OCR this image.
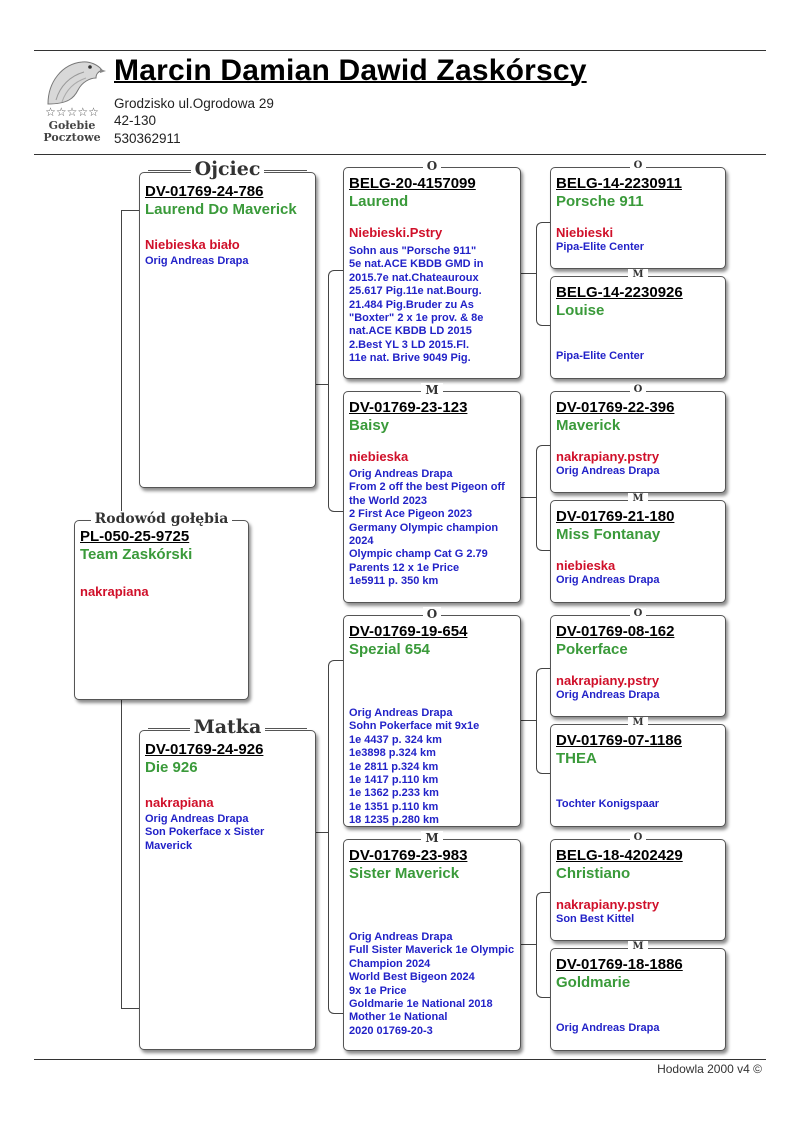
☆☆☆☆☆
Gołebie
Pocztowe
Marcin Damian Dawid Zaskórscy
Grodzisko ul.Ogrodowa 29
42-130
530362911
Rodowód gołębia
PL-050-25-9725
Team Zaskórski
nakrapiana
Ojciec
DV-01769-24-786
Laurend Do Maverick
Niebieska biało
Orig Andreas Drapa
Matka
DV-01769-24-926
Die 926
nakrapiana
Orig Andreas Drapa
Son Pokerface x Sister Maverick
O
BELG-20-4157099
Laurend
Niebieski.Pstry
Sohn aus "Porsche 911"
5e nat.ACE KBDB GMD in 2015.7e nat.Chateauroux 25.617 Pig.11e nat.Bourg. 21.484 Pig.Bruder zu As "Boxter" 2 x 1e prov. & 8e nat.ACE KBDB LD 2015
2.Best YL 3 LD 2015.Fl.
11e nat. Brive 9049 Pig.
M
DV-01769-23-123
Baisy
niebieska
Orig Andreas Drapa
From 2 off the best Pigeon off the World 2023
2 First Ace Pigeon 2023 Germany Olympic champion 2024
Olympic champ Cat G 2.79
Parents 12 x 1e Price
1e5911 p. 350 km
O
DV-01769-19-654
Spezial 654
Orig Andreas Drapa
Sohn Pokerface mit 9x1e
1e 4437 p. 324 km
1e3898 p.324 km
1e 2811 p.324 km
1e 1417 p.110 km
1e 1362 p.233 km
1e 1351 p.110 km
18 1235 p.280 km
M
DV-01769-23-983
Sister Maverick
Orig Andreas Drapa
Full Sister Maverick 1e Olympic
Champion 2024
World Best Bigeon 2024
9x 1e Price
Goldmarie 1e National 2018
Mother 1e National
2020 01769-20-3
O
BELG-14-2230911
Porsche 911
Niebieski
Pipa-Elite Center
M
BELG-14-2230926
Louise
Pipa-Elite Center
O
DV-01769-22-396
Maverick
nakrapiany.pstry
Orig Andreas Drapa
M
DV-01769-21-180
Miss Fontanay
niebieska
Orig Andreas Drapa
O
DV-01769-08-162
Pokerface
nakrapiany.pstry
Orig Andreas Drapa
M
DV-01769-07-1186
THEA
Tochter Konigspaar
O
BELG-18-4202429
Christiano
nakrapiany.pstry
Son Best Kittel
M
DV-01769-18-1886
Goldmarie
Orig Andreas Drapa
Hodowla 2000 v4 ©
